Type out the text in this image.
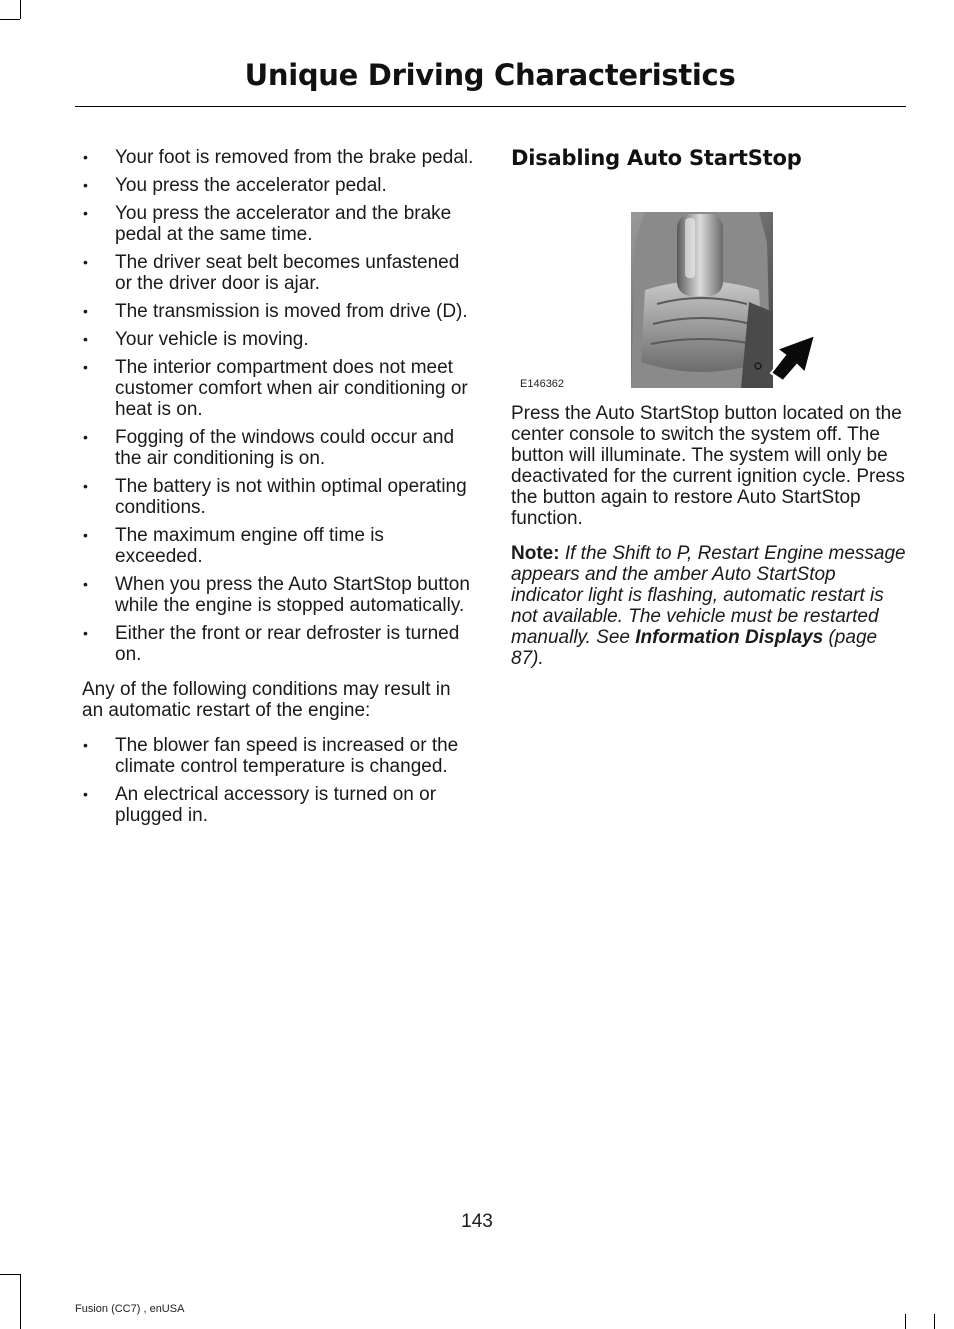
Unique Driving Characteristics
• Your foot is removed from the brake pedal.
• You press the accelerator pedal.
• You press the accelerator and the brake pedal at the same time.
• The driver seat belt becomes unfastened or the driver door is ajar.
• The transmission is moved from drive (D).
• Your vehicle is moving.
• The interior compartment does not meet customer comfort when air conditioning or heat is on.
• Fogging of the windows could occur and the air conditioning is on.
• The battery is not within optimal operating conditions.
• The maximum engine off time is exceeded.
• When you press the Auto StartStop button while the engine is stopped automatically.
• Either the front or rear defroster is turned on.

Any of the following conditions may result in an automatic restart of the engine:

• The blower fan speed is increased or the climate control temperature is changed.
• An electrical accessory is turned on or plugged in.
Disabling Auto StartStop
E146362

Press the Auto StartStop button located on the center console to switch the system off. The button will illuminate. The system will only be deactivated for the current ignition cycle. Press the button again to restore Auto StartStop function.

Note: If the Shift to P, Restart Engine message appears and the amber Auto StartStop indicator light is flashing, automatic restart is not available. The vehicle must be restarted manually. See Information Displays (page 87).

143
Fusion (CC7) , enUSA
